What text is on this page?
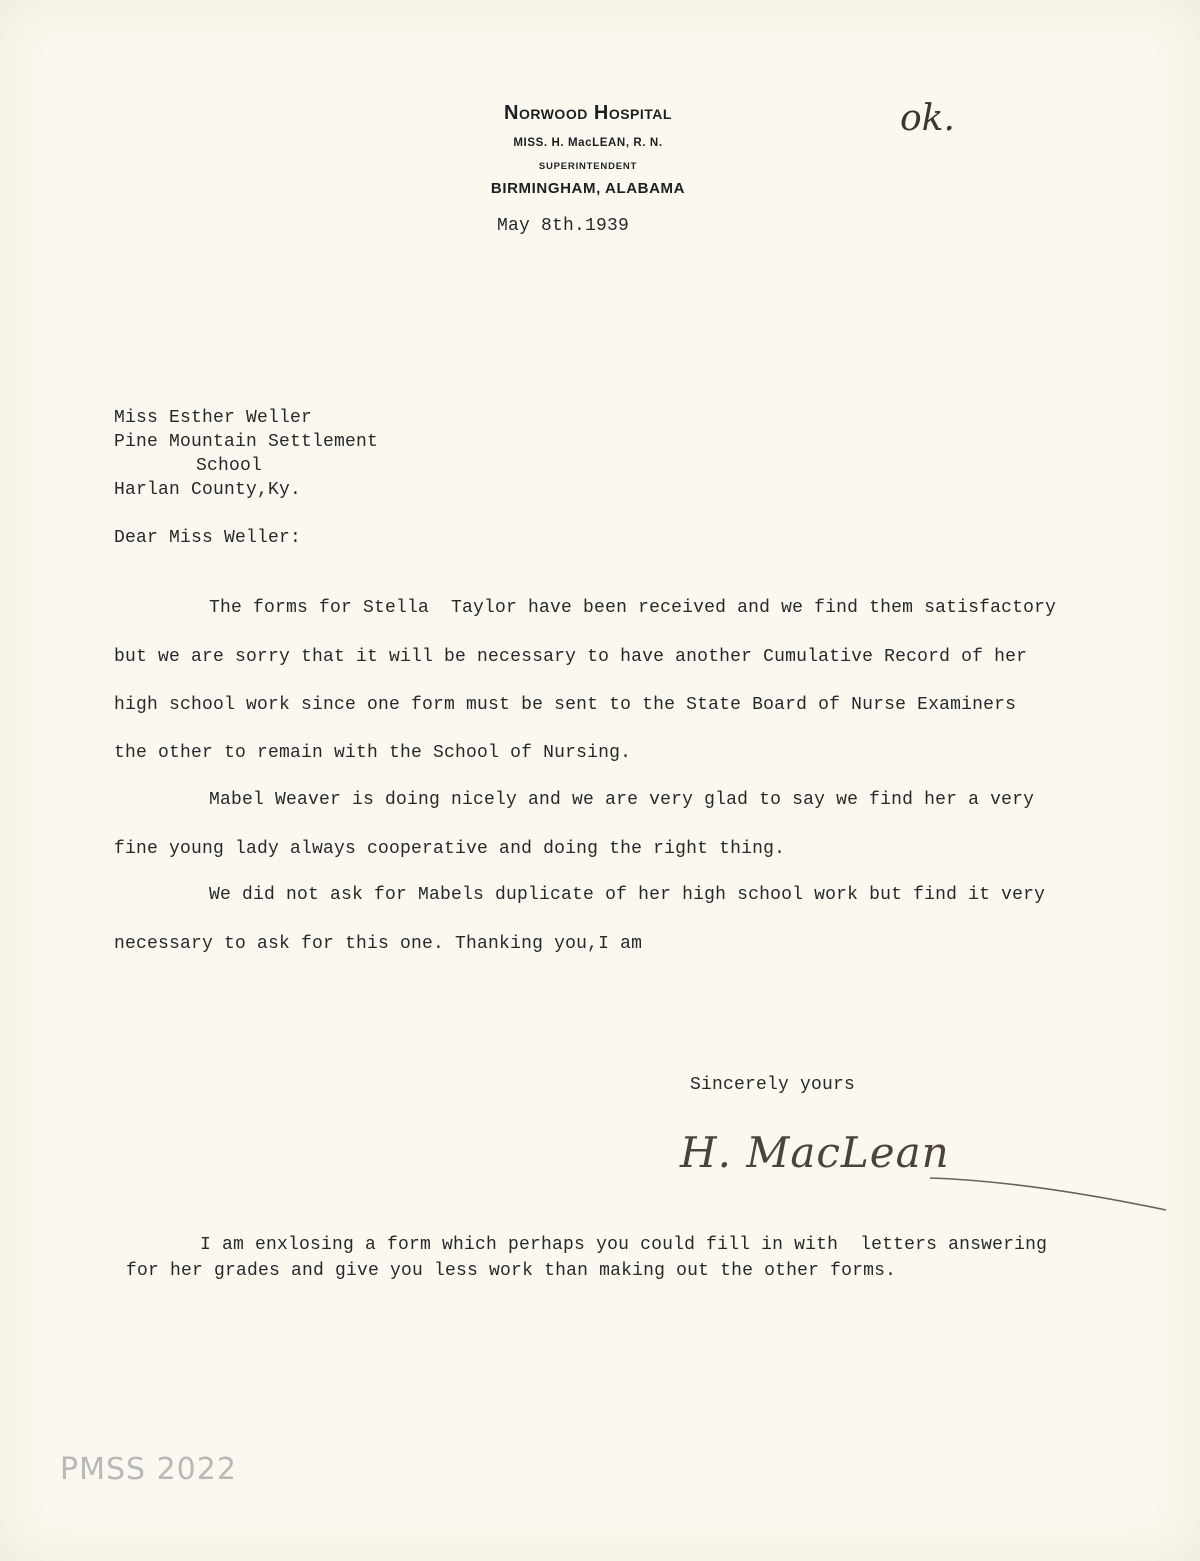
Norwood Hospital
MISS. H. MacLEAN, R. N.
SUPERINTENDENT
BIRMINGHAM, ALABAMA
ok.
May 8th.1939
Miss Esther Weller
Pine Mountain Settlement
School
Harlan County,Ky.
Dear Miss Weller:
The forms for Stella  Taylor have been received and we find them satisfactory
but we are sorry that it will be necessary to have another Cumulative Record of her
high school work since one form must be sent to the State Board of Nurse Examiners
the other to remain with the School of Nursing.
Mabel Weaver is doing nicely and we are very glad to say we find her a very
fine young lady always cooperative and doing the right thing.
We did not ask for Mabels duplicate of her high school work but find it very
necessary to ask for this one. Thanking you,I am
Sincerely yours
H. MacLean
I am enxlosing a form which perhaps you could fill in with  letters answering
for her grades and give you less work than making out the other forms.
PMSS 2022
